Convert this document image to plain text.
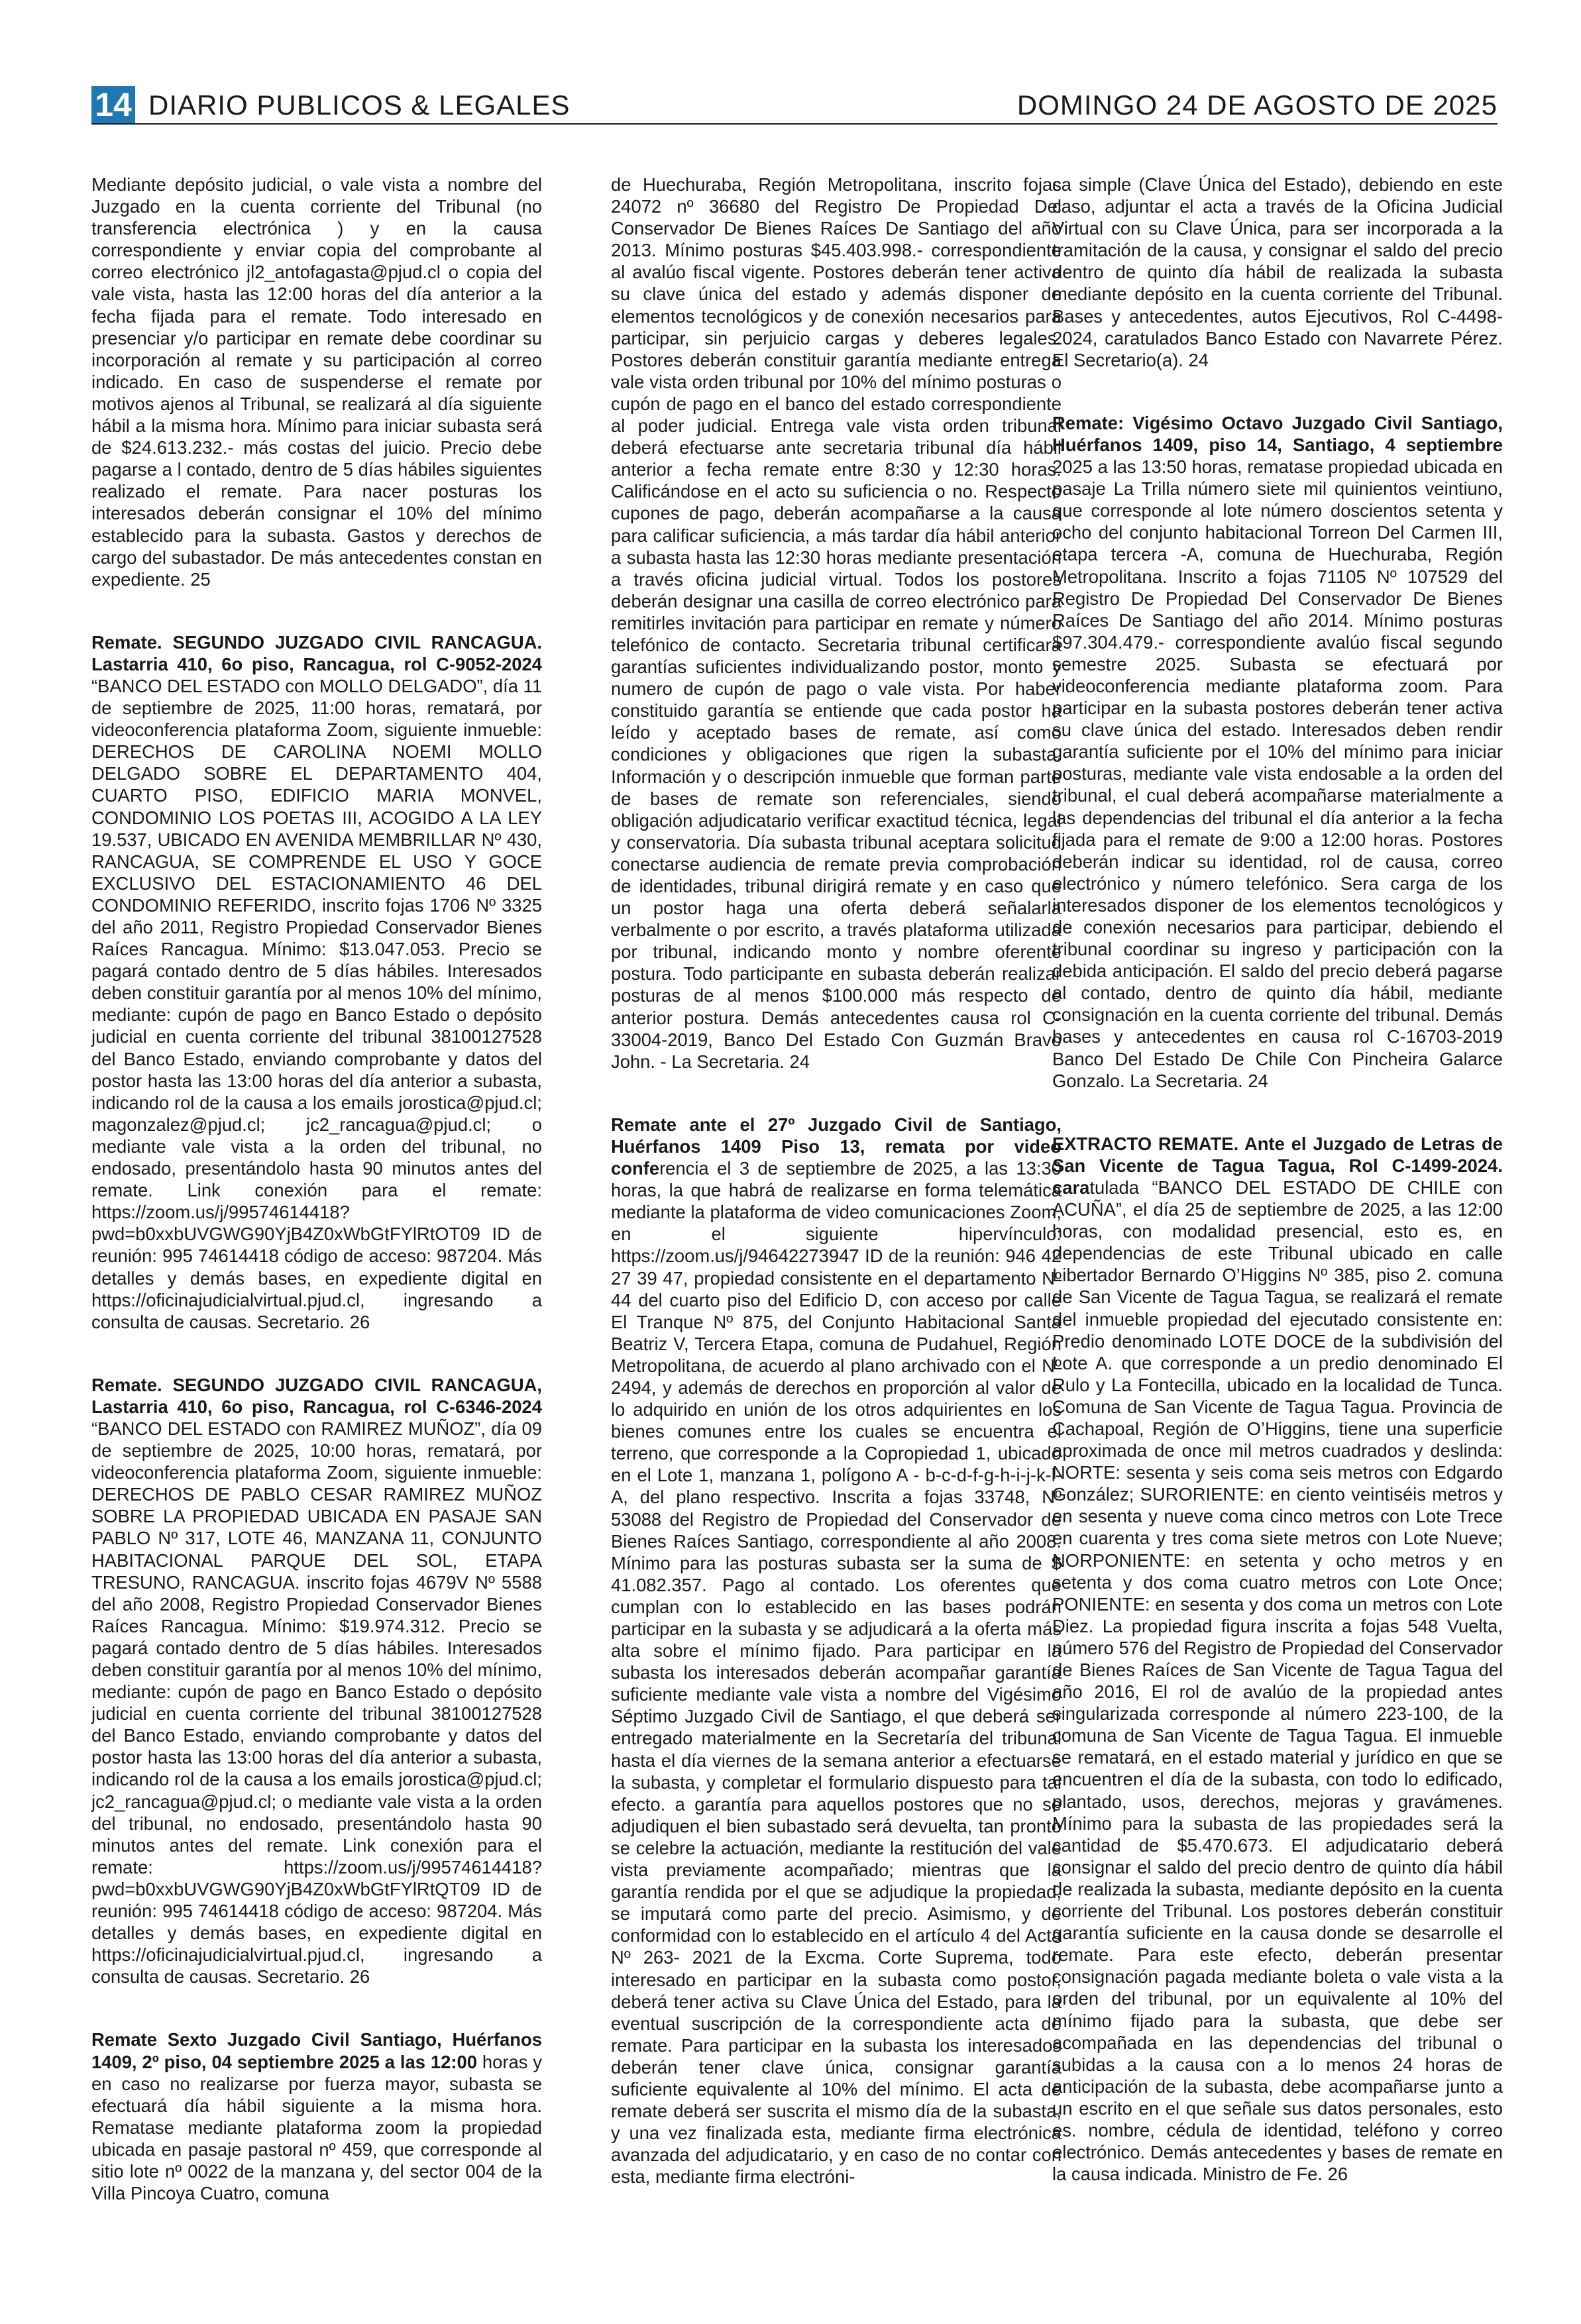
14 DIARIO PUBLICOS & LEGALES	DOMINGO 24 DE AGOSTO DE 2025

Mediante depósito judicial, o vale vista a nombre del Juzgado en la cuenta corriente del Tribunal (no transferencia electrónica ) y en la causa correspondiente y enviar copia del comprobante al correo electrónico jl2_antofagasta@pjud.cl o copia del vale vista, hasta las 12:00 horas del día anterior a la fecha fijada para el remate. Todo interesado en presenciar y/o participar en remate debe coordinar su incorporación al remate y su participación al correo indicado. En caso de suspenderse el remate por motivos ajenos al Tribunal, se realizará al día siguiente hábil a la misma hora. Mínimo para iniciar subasta será de $24.613.232.- más costas del juicio. Precio debe pagarse a l contado, dentro de 5 días hábiles siguientes realizado el remate. Para nacer posturas los interesados deberán consignar el 10% del mínimo establecido para la subasta. Gastos y derechos de cargo del subastador. De más antecedentes constan en expediente. 25

Remate. SEGUNDO JUZGADO CIVIL RANCAGUA. Lastarria 410, 6o piso, Rancagua, rol C-9052-2024 “BANCO DEL ESTADO con MOLLO DELGADO”, día 11 de septiembre de 2025, 11:00 horas, rematará, por videoconferencia plataforma Zoom, siguiente inmueble: DERECHOS DE CAROLINA NOEMI MOLLO DELGADO SOBRE EL DEPARTAMENTO 404, CUARTO PISO, EDIFICIO MARIA MONVEL, CONDOMINIO LOS POETAS III, ACOGIDO A LA LEY 19.537, UBICADO EN AVENIDA MEMBRILLAR Nº 430, RANCAGUA, SE COMPRENDE EL USO Y GOCE EXCLUSIVO DEL ESTACIONAMIENTO 46 DEL CONDOMINIO REFERIDO, inscrito fojas 1706 Nº 3325 del año 2011, Registro Propiedad Conservador Bienes Raíces Rancagua. Mínimo: $13.047.053. Precio se pagará contado dentro de 5 días hábiles. Interesados deben constituir garantía por al menos 10% del mínimo, mediante: cupón de pago en Banco Estado o depósito judicial en cuenta corriente del tribunal 38100127528 del Banco Estado, enviando comprobante y datos del postor hasta las 13:00 horas del día anterior a subasta, indicando rol de la causa a los emails jorostica@pjud.cl; magonzalez@pjud.cl; jc2_rancagua@pjud.cl; o mediante vale vista a la orden del tribunal, no endosado, presentándolo hasta 90 minutos antes del remate. Link conexión para el remate: https://zoom.us/j/99574614418?pwd=b0xxbUVGWG90YjB4Z0xWbGtFYlRtOT09 ID de reunión: 995 74614418 código de acceso: 987204. Más detalles y demás bases, en expediente digital en https://oficinajudicialvirtual.pjud.cl, ingresando a consulta de causas. Secretario. 26

Remate. SEGUNDO JUZGADO CIVIL RANCAGUA, Lastarria 410, 6o piso, Rancagua, rol C-6346-2024 “BANCO DEL ESTADO con RAMIREZ MUÑOZ”, día 09 de septiembre de 2025, 10:00 horas, rematará, por videoconferencia plataforma Zoom, siguiente inmueble: DERECHOS DE PABLO CESAR RAMIREZ MUÑOZ SOBRE LA PROPIEDAD UBICADA EN PASAJE SAN PABLO Nº 317, LOTE 46, MANZANA 11, CONJUNTO HABITACIONAL PARQUE DEL SOL, ETAPA TRESUNO, RANCAGUA. inscrito fojas 4679V Nº 5588 del año 2008, Registro Propiedad Conservador Bienes Raíces Rancagua. Mínimo: $19.974.312. Precio se pagará contado dentro de 5 días hábiles. Interesados deben constituir garantía por al menos 10% del mínimo, mediante: cupón de pago en Banco Estado o depósito judicial en cuenta corriente del tribunal 38100127528 del Banco Estado, enviando comprobante y datos del postor hasta las 13:00 horas del día anterior a subasta, indicando rol de la causa a los emails jorostica@pjud.cl; jc2_rancagua@pjud.cl; o mediante vale vista a la orden del tribunal, no endosado, presentándolo hasta 90 minutos antes del remate. Link conexión para el remate: https://zoom.us/j/99574614418?pwd=b0xxbUVGWG90YjB4Z0xWbGtFYlRtQT09 ID de reunión: 995 74614418 código de acceso: 987204. Más detalles y demás bases, en expediente digital en https://oficinajudicialvirtual.pjud.cl, ingresando a consulta de causas. Secretario. 26

Remate Sexto Juzgado Civil Santiago, Huérfanos 1409, 2º piso, 04 septiembre 2025 a las 12:00 horas y en caso no realizarse por fuerza mayor, subasta se efectuará día hábil siguiente a la misma hora. Rematase mediante plataforma zoom la propiedad ubicada en pasaje pastoral nº 459, que corresponde al sitio lote nº 0022 de la manzana y, del sector 004 de la Villa Pincoya Cuatro, comuna

de Huechuraba, Región Metropolitana, inscrito fojas 24072 nº 36680 del Registro De Propiedad Del Conservador De Bienes Raíces De Santiago del año 2013. Mínimo posturas $45.403.998.- correspondiente al avalúo fiscal vigente. Postores deberán tener activa su clave única del estado y además disponer de elementos tecnológicos y de conexión necesarios para participar, sin perjuicio cargas y deberes legales. Postores deberán constituir garantía mediante entrega vale vista orden tribunal por 10% del mínimo posturas o cupón de pago en el banco del estado correspondiente al poder judicial. Entrega vale vista orden tribunal deberá efectuarse ante secretaria tribunal día hábil anterior a fecha remate entre 8:30 y 12:30 horas. Calificándose en el acto su suficiencia o no. Respecto cupones de pago, deberán acompañarse a la causa para calificar suficiencia, a más tardar día hábil anterior a subasta hasta las 12:30 horas mediante presentación a través oficina judicial virtual. Todos los postores deberán designar una casilla de correo electrónico para remitirles invitación para participar en remate y número telefónico de contacto. Secretaria tribunal certificara garantías suficientes individualizando postor, monto y numero de cupón de pago o vale vista. Por haber constituido garantía se entiende que cada postor ha leído y aceptado bases de remate, así como condiciones y obligaciones que rigen la subasta. Información y o descripción inmueble que forman parte de bases de remate son referenciales, siendo obligación adjudicatario verificar exactitud técnica, legal y conservatoria. Día subasta tribunal aceptara solicitud conectarse audiencia de remate previa comprobación de identidades, tribunal dirigirá remate y en caso que un postor haga una oferta deberá señalarla verbalmente o por escrito, a través plataforma utilizada por tribunal, indicando monto y nombre oferente postura. Todo participante en subasta deberán realizar posturas de al menos $100.000 más respecto de anterior postura. Demás antecedentes causa rol C-33004-2019, Banco Del Estado Con Guzmán Bravo John. - La Secretaria. 24

Remate ante el 27º Juzgado Civil de Santiago, Huérfanos 1409 Piso 13, remata por video conferencia el 3 de septiembre de 2025, a las 13:30 horas, la que habrá de realizarse en forma telemática mediante la plataforma de video comunicaciones Zoom, en el siguiente hipervínculo: https://zoom.us/j/94642273947 ID de la reunión: 946 42 27 39 47, propiedad consistente en el departamento Nº 44 del cuarto piso del Edificio D, con acceso por calle El Tranque Nº 875, del Conjunto Habitacional Santa Beatriz V, Tercera Etapa, comuna de Pudahuel, Región Metropolitana, de acuerdo al plano archivado con el Nº 2494, y además de derechos en proporción al valor de lo adquirido en unión de los otros adquirientes en los bienes comunes entre los cuales se encuentra el terreno, que corresponde a la Copropiedad 1, ubicado en el Lote 1, manzana 1, polígono A - b-c-d-f-g-h-i-j-k-l- A, del plano respectivo. Inscrita a fojas 33748, Nº 53088 del Registro de Propiedad del Conservador de Bienes Raíces Santiago, correspondiente al año 2008. Mínimo para las posturas subasta ser la suma de $ 41.082.357. Pago al contado. Los oferentes que cumplan con lo establecido en las bases podrán participar en la subasta y se adjudicará a la oferta más alta sobre el mínimo fijado. Para participar en la subasta los interesados deberán acompañar garantía suficiente mediante vale vista a nombre del Vigésimo Séptimo Juzgado Civil de Santiago, el que deberá ser entregado materialmente en la Secretaría del tribunal hasta el día viernes de la semana anterior a efectuarse la subasta, y completar el formulario dispuesto para tal efecto. a garantía para aquellos postores que no se adjudiquen el bien subastado será devuelta, tan pronto se celebre la actuación, mediante la restitución del vale vista previamente acompañado; mientras que la garantía rendida por el que se adjudique la propiedad, se imputará como parte del precio. Asimismo, y de conformidad con lo establecido en el artículo 4 del Acta Nº 263- 2021 de la Excma. Corte Suprema, todo interesado en participar en la subasta como postor, deberá tener activa su Clave Única del Estado, para la eventual suscripción de la correspondiente acta de remate. Para participar en la subasta los interesados deberán tener clave única, consignar garantía suficiente equivalente al 10% del mínimo. El acta de remate deberá ser suscrita el mismo día de la subasta, y una vez finalizada esta, mediante firma electrónica avanzada del adjudicatario, y en caso de no contar con esta, mediante firma electróni-

ca simple (Clave Única del Estado), debiendo en este caso, adjuntar el acta a través de la Oficina Judicial Virtual con su Clave Única, para ser incorporada a la tramitación de la causa, y consignar el saldo del precio dentro de quinto día hábil de realizada la subasta mediante depósito en la cuenta corriente del Tribunal. Bases y antecedentes, autos Ejecutivos, Rol C-4498-2024, caratulados Banco Estado con Navarrete Pérez. El Secretario(a). 24

Remate: Vigésimo Octavo Juzgado Civil Santiago, Huérfanos 1409, piso 14, Santiago, 4 septiembre 2025 a las 13:50 horas, rematase propiedad ubicada en pasaje La Trilla número siete mil quinientos veintiuno, que corresponde al lote número doscientos setenta y ocho del conjunto habitacional Torreon Del Carmen III, etapa tercera -A, comuna de Huechuraba, Región Metropolitana. Inscrito a fojas 71105 Nº 107529 del Registro De Propiedad Del Conservador De Bienes Raíces De Santiago del año 2014. Mínimo posturas $97.304.479.- correspondiente avalúo fiscal segundo semestre 2025. Subasta se efectuará por videoconferencia mediante plataforma zoom. Para participar en la subasta postores deberán tener activa su clave única del estado. Interesados deben rendir garantía suficiente por el 10% del mínimo para iniciar posturas, mediante vale vista endosable a la orden del tribunal, el cual deberá acompañarse materialmente a las dependencias del tribunal el día anterior a la fecha fijada para el remate de 9:00 a 12:00 horas. Postores deberán indicar su identidad, rol de causa, correo electrónico y número telefónico. Sera carga de los interesados disponer de los elementos tecnológicos y de conexión necesarios para participar, debiendo el tribunal coordinar su ingreso y participación con la debida anticipación. El saldo del precio deberá pagarse al contado, dentro de quinto día hábil, mediante consignación en la cuenta corriente del tribunal. Demás bases y antecedentes en causa rol C-16703-2019 Banco Del Estado De Chile Con Pincheira Galarce Gonzalo. La Secretaria. 24

EXTRACTO REMATE. Ante el Juzgado de Letras de San Vicente de Tagua Tagua, Rol C-1499-2024. caratulada “BANCO DEL ESTADO DE CHILE con ACUÑA”, el día 25 de septiembre de 2025, a las 12:00 horas, con modalidad presencial, esto es, en dependencias de este Tribunal ubicado en calle Libertador Bernardo O’Higgins Nº 385, piso 2. comuna de San Vicente de Tagua Tagua, se realizará el remate del inmueble propiedad del ejecutado consistente en: Predio denominado LOTE DOCE de la subdivisión del Lote A. que corresponde a un predio denominado El Rulo y La Fontecilla, ubicado en la localidad de Tunca. Comuna de San Vicente de Tagua Tagua. Provincia de Cachapoal, Región de O’Higgins, tiene una superficie aproximada de once mil metros cuadrados y deslinda: NORTE: sesenta y seis coma seis metros con Edgardo González; SURORIENTE: en ciento veintiséis metros y en sesenta y nueve coma cinco metros con Lote Trece en cuarenta y tres coma siete metros con Lote Nueve; NORPONIENTE: en setenta y ocho metros y en setenta y dos coma cuatro metros con Lote Once; PONIENTE: en sesenta y dos coma un metros con Lote Diez. La propiedad figura inscrita a fojas 548 Vuelta, número 576 del Registro de Propiedad del Conservador de Bienes Raíces de San Vicente de Tagua Tagua del año 2016, El rol de avalúo de la propiedad antes singularizada corresponde al número 223-100, de la comuna de San Vicente de Tagua Tagua. El inmueble se rematará, en el estado material y jurídico en que se encuentren el día de la subasta, con todo lo edificado, plantado, usos, derechos, mejoras y gravámenes. Mínimo para la subasta de las propiedades será la cantidad de $5.470.673. El adjudicatario deberá consignar el saldo del precio dentro de quinto día hábil de realizada la subasta, mediante depósito en la cuenta corriente del Tribunal. Los postores deberán constituir garantía suficiente en la causa donde se desarrolle el remate. Para este efecto, deberán presentar consignación pagada mediante boleta o vale vista a la orden del tribunal, por un equivalente al 10% del mínimo fijado para la subasta, que debe ser acompañada en las dependencias del tribunal o subidas a la causa con a lo menos 24 horas de anticipación de la subasta, debe acompañarse junto a un escrito en el que señale sus datos personales, esto es. nombre, cédula de identidad, teléfono y correo electrónico. Demás antecedentes y bases de remate en la causa indicada. Ministro de Fe. 26
